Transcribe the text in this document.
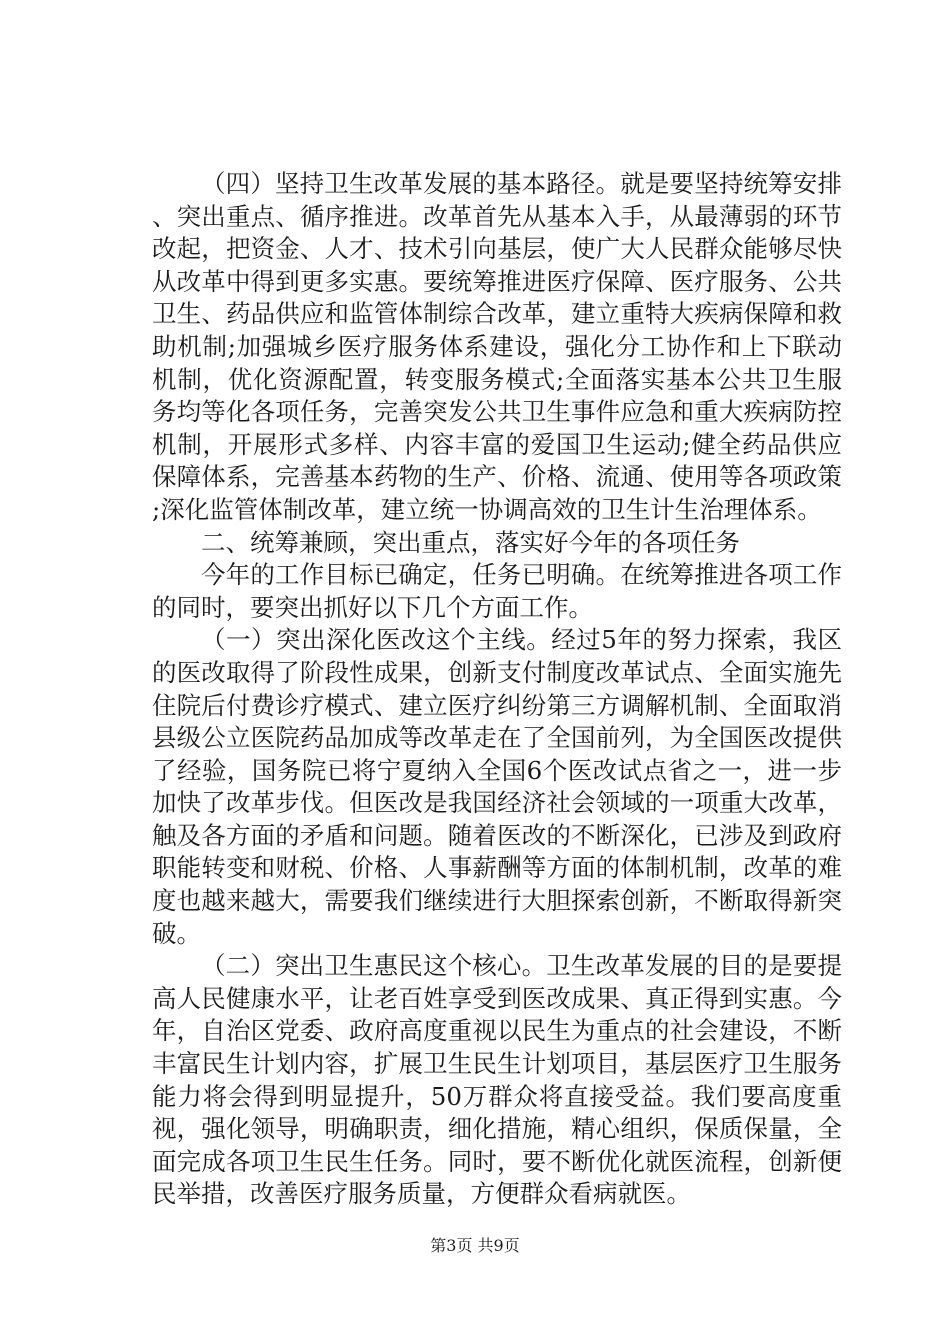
（四）坚持卫生改革发展的基本路径。就是要坚持统筹安排、突出重点、循序推进。改革首先从基本入手，从最薄弱的环节改起，把资金、人才、技术引向基层，使广大人民群众能够尽快从改革中得到更多实惠。要统筹推进医疗保障、医疗服务、公共卫生、药品供应和监管体制综合改革，建立重特大疾病保障和救助机制;加强城乡医疗服务体系建设，强化分工协作和上下联动机制，优化资源配置，转变服务模式;全面落实基本公共卫生服务均等化各项任务，完善突发公共卫生事件应急和重大疾病防控机制，开展形式多样、内容丰富的爱国卫生运动;健全药品供应保障体系，完善基本药物的生产、价格、流通、使用等各项政策;深化监管体制改革，建立统一协调高效的卫生计生治理体系。

二、统筹兼顾，突出重点，落实好今年的各项任务

今年的工作目标已确定，任务已明确。在统筹推进各项工作的同时，要突出抓好以下几个方面工作。

（一）突出深化医改这个主线。经过5年的努力探索，我区的医改取得了阶段性成果，创新支付制度改革试点、全面实施先住院后付费诊疗模式、建立医疗纠纷第三方调解机制、全面取消县级公立医院药品加成等改革走在了全国前列，为全国医改提供了经验，国务院已将宁夏纳入全国6个医改试点省之一，进一步加快了改革步伐。但医改是我国经济社会领域的一项重大改革，触及各方面的矛盾和问题。随着医改的不断深化，已涉及到政府职能转变和财税、价格、人事薪酬等方面的体制机制，改革的难度也越来越大，需要我们继续进行大胆探索创新，不断取得新突破。

（二）突出卫生惠民这个核心。卫生改革发展的目的是要提高人民健康水平，让老百姓享受到医改成果、真正得到实惠。今年，自治区党委、政府高度重视以民生为重点的社会建设，不断丰富民生计划内容，扩展卫生民生计划项目，基层医疗卫生服务能力将会得到明显提升，50万群众将直接受益。我们要高度重视，强化领导，明确职责，细化措施，精心组织，保质保量，全面完成各项卫生民生任务。同时，要不断优化就医流程，创新便民举措，改善医疗服务质量，方便群众看病就医。

第3页 共9页
